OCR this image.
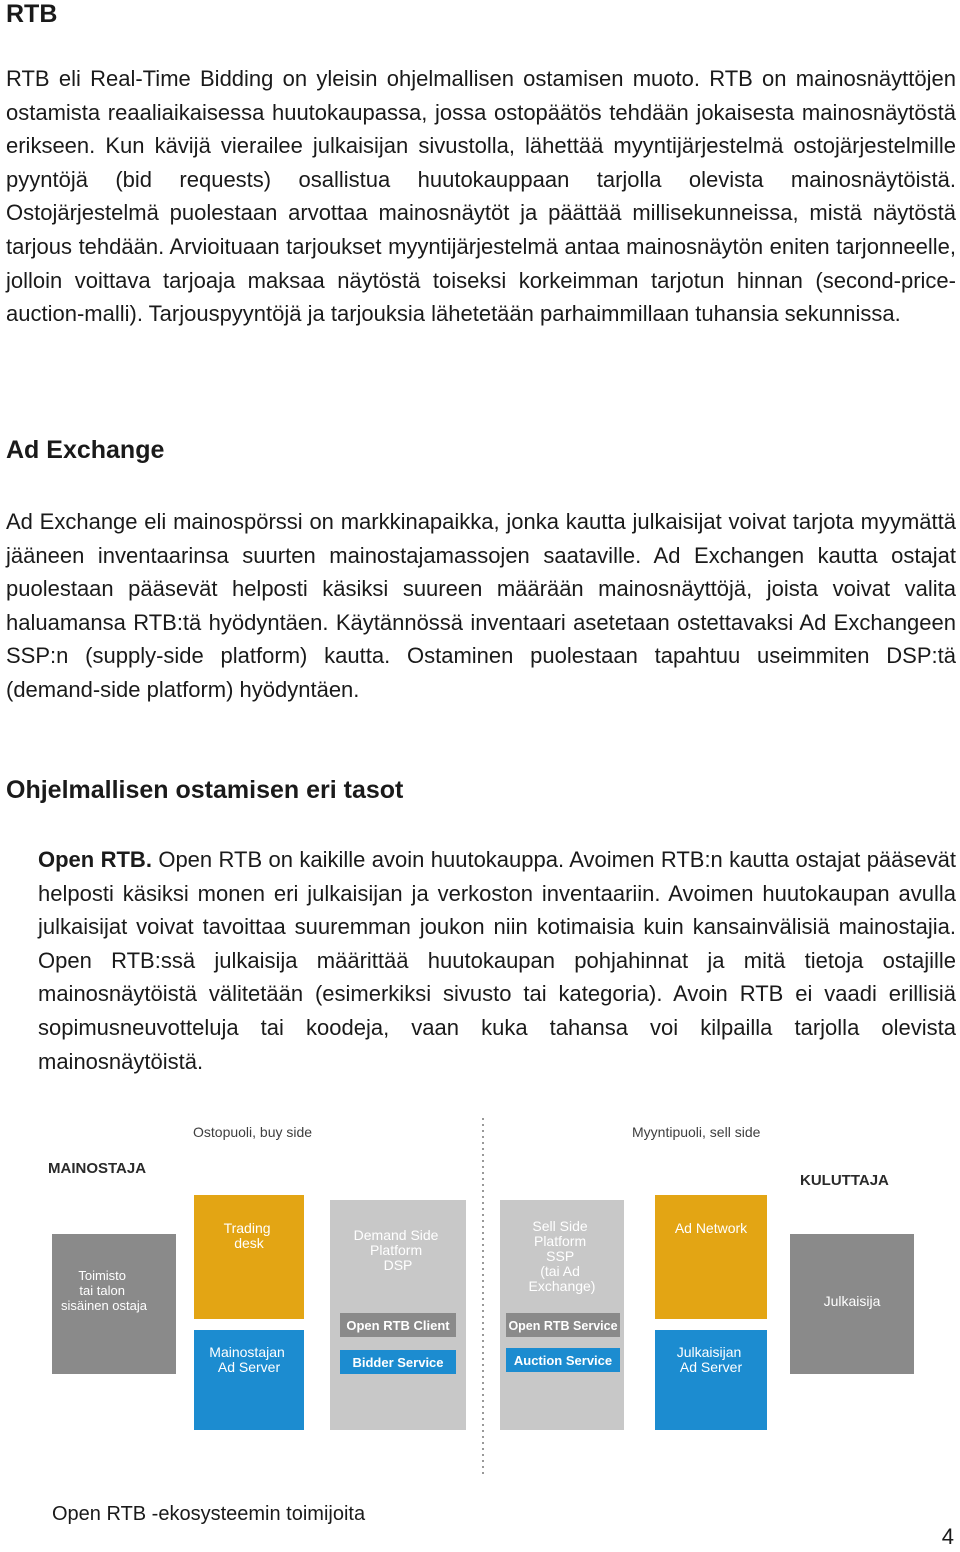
RTB

RTB eli Real-Time Bidding on yleisin ohjelmallisen ostamisen muoto. RTB on mainosnäyttöjen ostamista reaaliaikaisessa huutokaupassa, jossa ostopäätös tehdään jokaisesta mainosnäytöstä erikseen. Kun kävijä vierailee julkaisijan sivustolla, lähettää myyntijärjestelmä ostojärjestelmille pyyntöjä (bid requests) osallistua huutokauppaan tarjolla olevista mainosnäytöistä. Ostojärjestelmä puolestaan arvottaa mainosnäytöt ja päättää millisekunneissa, mistä näytöstä tarjous tehdään. Arvioituaan tarjoukset myyntijärjestelmä antaa mainosnäytön eniten tarjonneelle, jolloin voittava tarjoaja maksaa näytöstä toiseksi korkeimman tarjotun hinnan (second-price-auction-malli). Tarjouspyyntöjä ja tarjouksia lähetetään parhaimmillaan tuhansia sekunnissa.

Ad Exchange

Ad Exchange eli mainospörssi on markkinapaikka, jonka kautta julkaisijat voivat tarjota myymättä jääneen inventaarinsa suurten mainostajamassojen saataville. Ad Exchangen kautta ostajat puolestaan pääsevät helposti käsiksi suureen määrään mainosnäyttöjä, joista voivat valita haluamansa RTB:tä hyödyntäen. Käytännössä inventaari asetetaan ostettavaksi Ad Exchangeen SSP:n (supply-side platform) kautta. Ostaminen puolestaan tapahtuu useimmiten DSP:tä (demand-side platform) hyödyntäen.

Ohjelmallisen ostamisen eri tasot

Open RTB. Open RTB on kaikille avoin huutokauppa. Avoimen RTB:n kautta ostajat pääsevät helposti käsiksi monen eri julkaisijan ja verkoston inventaariin. Avoimen huutokaupan avulla julkaisijat voivat tavoittaa suuremman joukon niin kotimaisia kuin kansainvälisiä mainostajia. Open RTB:ssä julkaisija määrittää huutokaupan pohjahinnat ja mitä tietoja ostajille mainosnäytöistä välitetään (esimerkiksi sivusto tai kategoria). Avoin RTB ei vaadi erillisiä sopimusneuvotteluja tai koodeja, vaan kuka tahansa voi kilpailla tarjolla olevista mainosnäytöistä.

Ostopuoli, buy side	Myyntipuoli, sell side
MAINOSTAJA
KULUTTAJA
Toimisto tai talon sisäinen ostaja
Trading desk
Mainostajan Ad Server
Demand Side Platform DSP
Open RTB Client
Bidder Service
Sell Side Platform SSP (tai Ad Exchange)
Open RTB Service
Auction Service
Ad Network
Julkaisijan Ad Server
Julkaisija
Open RTB -ekosysteemin toimijoita
4
